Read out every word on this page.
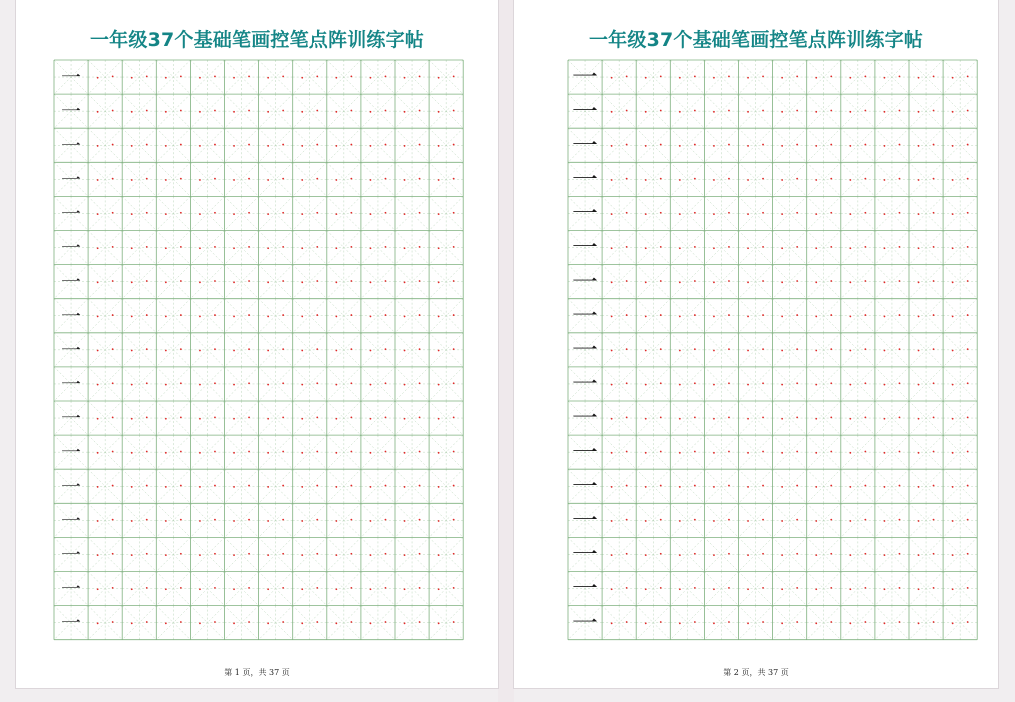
一年级37个基础笔画控笔点阵训练字帖
一
一
一
一
一
一
一
一
一
一
一
一
一
一
一
一
一
第 1 页，共 37 页
一年级37个基础笔画控笔点阵训练字帖
一
一
一
一
一
一
一
一
一
一
一
一
一
一
一
一
一
第 2 页，共 37 页
